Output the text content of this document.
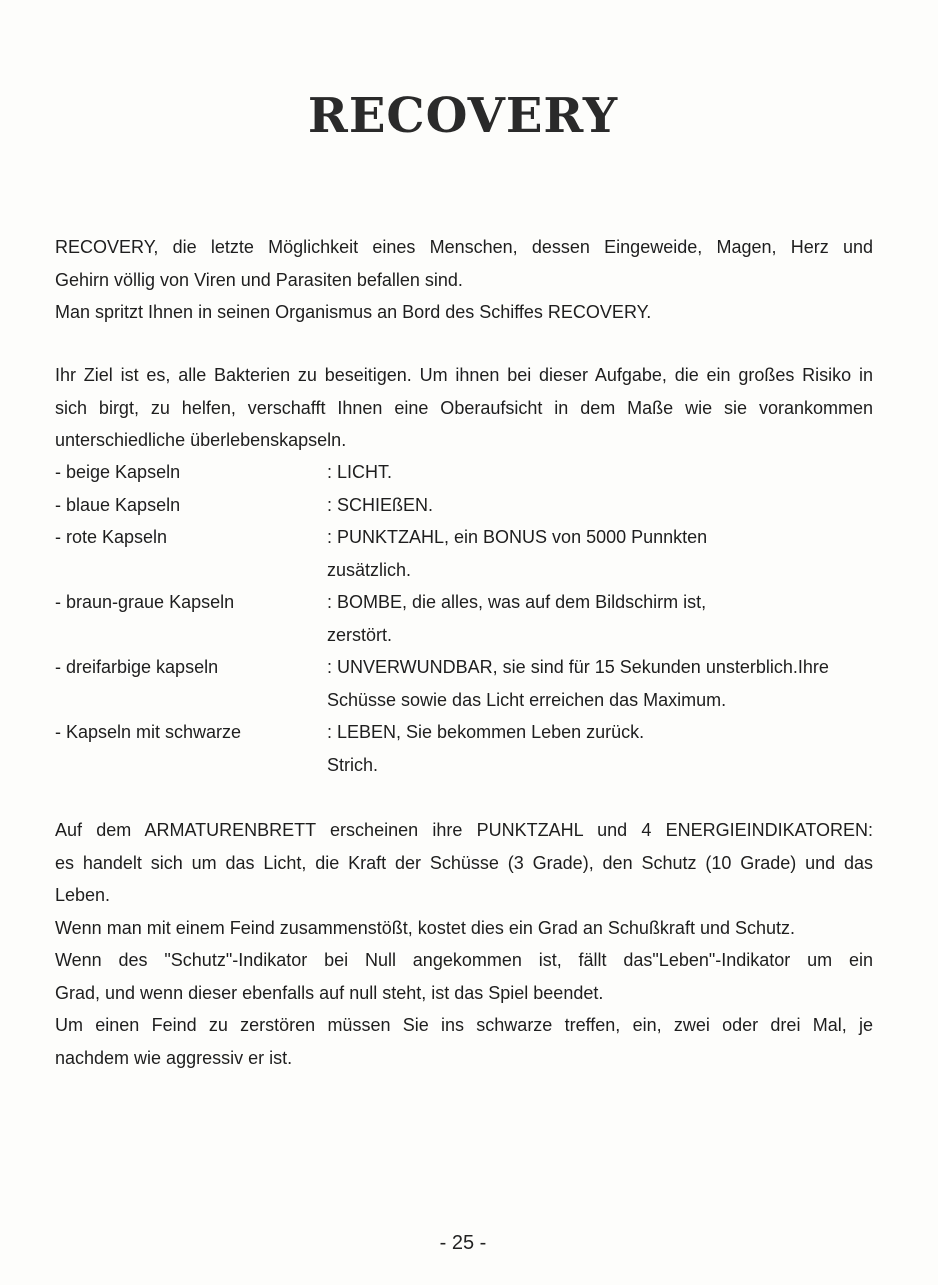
RECOVERY
RECOVERY, die letzte Möglichkeit eines Menschen, dessen Eingeweide, Magen, Herz und
Gehirn völlig von Viren und Parasiten befallen sind.
Man spritzt Ihnen in seinen Organismus an Bord des Schiffes RECOVERY.
Ihr Ziel ist es, alle Bakterien zu beseitigen. Um ihnen bei dieser Aufgabe, die ein großes Risiko in
sich birgt, zu helfen, verschafft Ihnen eine Oberaufsicht in dem Maße wie sie vorankommen
unterschiedliche überlebenskapseln.
- beige Kapseln	: LICHT.
- blaue Kapseln	: SCHIEßEN.
- rote Kapseln	: PUNKTZAHL, ein BONUS von 5000 Punnkten
zusätzlich.
- braun-graue Kapseln	: BOMBE, die alles, was auf dem Bildschirm ist,
zerstört.
- dreifarbige kapseln	: UNVERWUNDBAR, sie sind für 15 Sekunden unsterblich.Ihre
Schüsse sowie das Licht erreichen das Maximum.
- Kapseln mit schwarze	: LEBEN, Sie bekommen Leben zurück.
Strich.
Auf dem ARMATURENBRETT erscheinen ihre PUNKTZAHL und 4 ENERGIEINDIKATOREN:
es handelt sich um das Licht, die Kraft der Schüsse (3 Grade), den Schutz (10 Grade) und das
Leben.
Wenn man mit einem Feind zusammenstößt, kostet dies ein Grad an Schußkraft und Schutz.
Wenn des "Schutz"-Indikator bei Null angekommen ist, fällt das"Leben"-Indikator um ein
Grad, und wenn dieser ebenfalls auf null steht, ist das Spiel beendet.
Um einen Feind zu zerstören müssen Sie ins schwarze treffen, ein, zwei oder drei Mal, je
nachdem wie aggressiv er ist.
- 25 -
